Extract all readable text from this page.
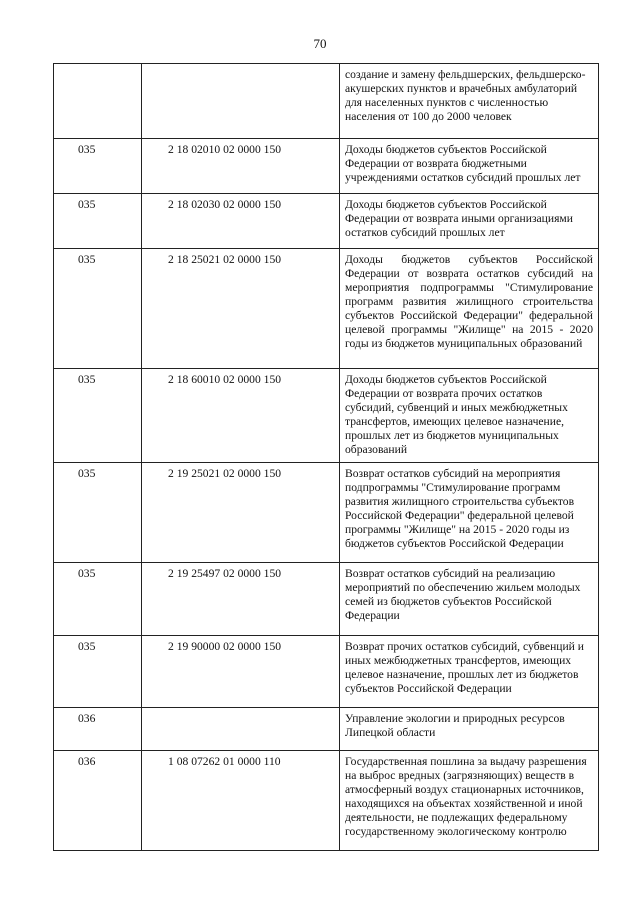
70
		создание и замену фельдшерских, фельдшерско-акушерских пунктов и врачебных амбулаторий для населенных пунктов с численностью населения от 100 до 2000 человек
035	2 18 02010 02 0000 150	Доходы бюджетов субъектов Российской Федерации от возврата бюджетными учреждениями остатков субсидий прошлых лет
035	2 18 02030 02 0000 150	Доходы бюджетов субъектов Российской Федерации от возврата иными организациями остатков субсидий прошлых лет
035	2 18 25021 02 0000 150	Доходы бюджетов субъектов Российской Федерации от возврата остатков субсидий на мероприятия подпрограммы "Стимулирование программ развития жилищного строительства субъектов Российской Федерации" федеральной целевой программы "Жилище" на 2015 - 2020 годы из бюджетов муниципальных образований
035	2 18 60010 02 0000 150	Доходы бюджетов субъектов Российской Федерации от возврата прочих остатков субсидий, субвенций и иных межбюджетных трансфертов, имеющих целевое назначение, прошлых лет из бюджетов муниципальных образований
035	2 19 25021 02 0000 150	Возврат остатков субсидий на мероприятия подпрограммы "Стимулирование программ развития жилищного строительства субъектов Российской Федерации" федеральной целевой программы "Жилище" на 2015 - 2020 годы из бюджетов субъектов Российской Федерации
035	2 19 25497 02 0000 150	Возврат остатков субсидий на реализацию мероприятий по обеспечению жильем молодых семей из бюджетов субъектов Российской Федерации
035	2 19 90000 02 0000 150	Возврат прочих остатков субсидий, субвенций и иных межбюджетных трансфертов, имеющих целевое назначение, прошлых лет из бюджетов субъектов Российской Федерации
036		Управление экологии и природных ресурсов Липецкой области
036	1 08 07262 01 0000 110	Государственная пошлина за выдачу разрешения на выброс вредных (загрязняющих) веществ в атмосферный воздух стационарных источников, находящихся на объектах хозяйственной и иной деятельности, не подлежащих федеральному государственному экологическому контролю
